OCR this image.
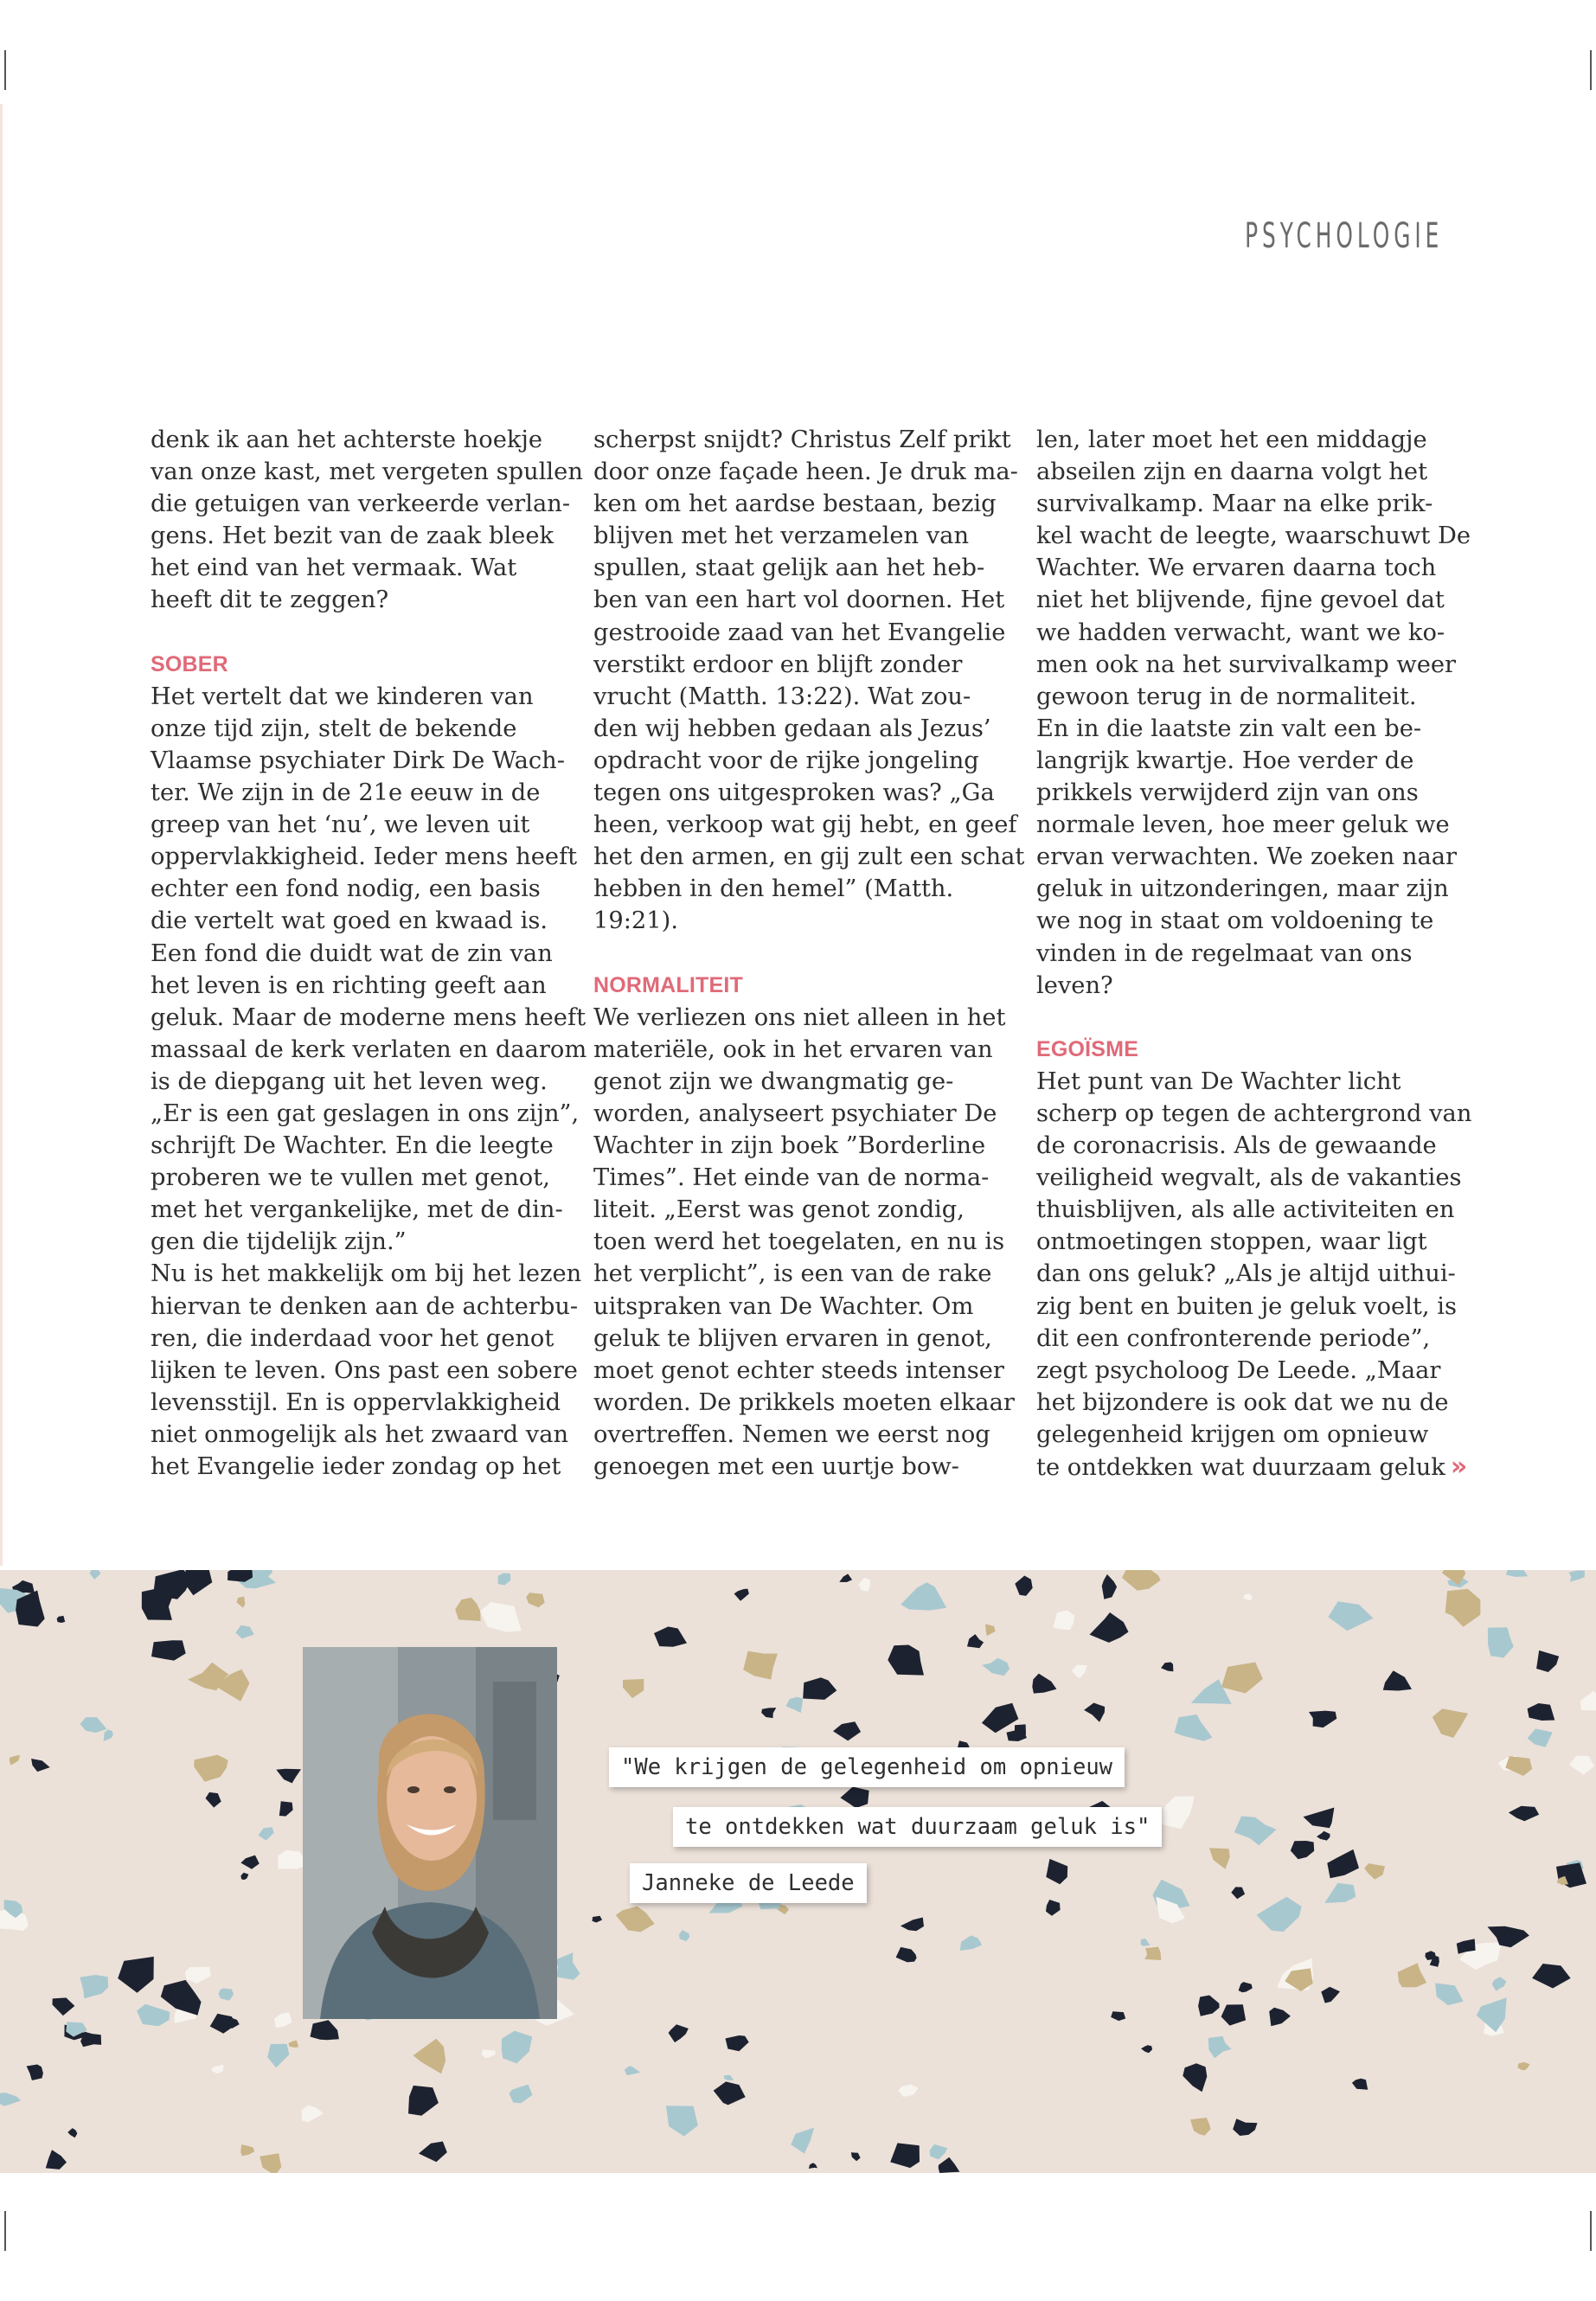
PSYCHOLOGIE

denk ik aan het achterste hoekje

van onze kast, met vergeten spullen

die getuigen van verkeerde verlan-

gens. Het bezit van de zaak bleek

het eind van het vermaak. Wat

heeft dit te zeggen?

SOBER

Het vertelt dat we kinderen van

onze tijd zijn, stelt de bekende

Vlaamse psychiater Dirk De Wach-

ter. We zijn in de 21e eeuw in de

greep van het ‘nu’, we leven uit

oppervlakkigheid. Ieder mens heeft

echter een fond nodig, een basis

die vertelt wat goed en kwaad is.

Een fond die duidt wat de zin van

het leven is en richting geeft aan

geluk. Maar de moderne mens heeft

massaal de kerk verlaten en daarom

is de diepgang uit het leven weg.

„Er is een gat geslagen in ons zijn”,

schrijft De Wachter. En die leegte

proberen we te vullen met genot,

met het vergankelijke, met de din-

gen die tijdelijk zijn.”

Nu is het makkelijk om bij het lezen

hiervan te denken aan de achterbu-

ren, die inderdaad voor het genot

lijken te leven. Ons past een sobere

levensstijl. En is oppervlakkigheid

niet onmogelijk als het zwaard van

het Evangelie ieder zondag op het

scherpst snijdt? Christus Zelf prikt

door onze façade heen. Je druk ma-

ken om het aardse bestaan, bezig

blijven met het verzamelen van

spullen, staat gelijk aan het heb-

ben van een hart vol doornen. Het

gestrooide zaad van het Evangelie

verstikt erdoor en blijft zonder

vrucht (Matth. 13:22). Wat zou-

den wij hebben gedaan als Jezus’

opdracht voor de rijke jongeling

tegen ons uitgesproken was? „Ga

heen, verkoop wat gij hebt, en geef

het den armen, en gij zult een schat

hebben in den hemel” (Matth.

19:21).

NORMALITEIT

We verliezen ons niet alleen in het

materiële, ook in het ervaren van

genot zijn we dwangmatig ge-

worden, analyseert psychiater De

Wachter in zijn boek ”Borderline

Times”. Het einde van de norma-

liteit. „Eerst was genot zondig,

toen werd het toegelaten, en nu is

het verplicht”, is een van de rake

uitspraken van De Wachter. Om

geluk te blijven ervaren in genot,

moet genot echter steeds intenser

worden. De prikkels moeten elkaar

overtreffen. Nemen we eerst nog

genoegen met een uurtje bow-

len, later moet het een middagje

abseilen zijn en daarna volgt het

survivalkamp. Maar na elke prik-

kel wacht de leegte, waarschuwt De

Wachter. We ervaren daarna toch

niet het blijvende, fijne gevoel dat

we hadden verwacht, want we ko-

men ook na het survivalkamp weer

gewoon terug in de normaliteit.

En in die laatste zin valt een be-

langrijk kwartje. Hoe verder de

prikkels verwijderd zijn van ons

normale leven, hoe meer geluk we

ervan verwachten. We zoeken naar

geluk in uitzonderingen, maar zijn

we nog in staat om voldoening te

vinden in de regelmaat van ons

leven?

EGOÏSME

Het punt van De Wachter licht

scherp op tegen de achtergrond van

de coronacrisis. Als de gewaande

veiligheid wegvalt, als de vakanties

thuisblijven, als alle activiteiten en

ontmoetingen stoppen, waar ligt

dan ons geluk? „Als je altijd uithui-

zig bent en buiten je geluk voelt, is

dit een confronterende periode”,

zegt psycholoog De Leede. „Maar

het bijzondere is ook dat we nu de

gelegenheid krijgen om opnieuw

te ontdekken wat duurzaam geluk »

"We krijgen de gelegenheid om opnieuw
te ontdekken wat duurzaam geluk is"
Janneke de Leede
